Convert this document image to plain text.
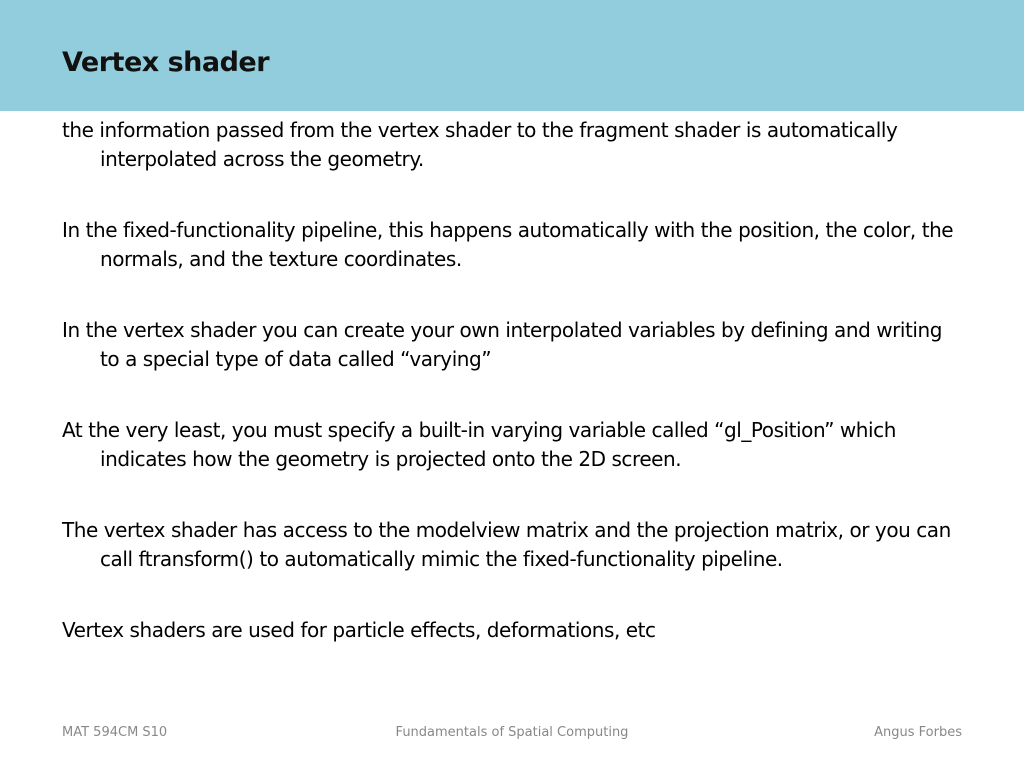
Vertex shader
the information passed from the vertex shader to the fragment shader is automatically interpolated across the geometry.
In the fixed-functionality pipeline, this happens automatically with the position, the color, the normals, and the texture coordinates.
In the vertex shader you can create your own interpolated variables by defining and writing to a special type of data called “varying”
At the very least, you must specify a built-in varying variable called “gl_Position” which indicates how the geometry is projected onto the 2D screen.
The vertex shader has access to the modelview matrix and the projection matrix, or you can call ftransform() to automatically mimic the fixed-functionality pipeline.
Vertex shaders are used for particle effects, deformations, etc
MAT 594CM S10	Fundamentals of Spatial Computing	Angus Forbes
